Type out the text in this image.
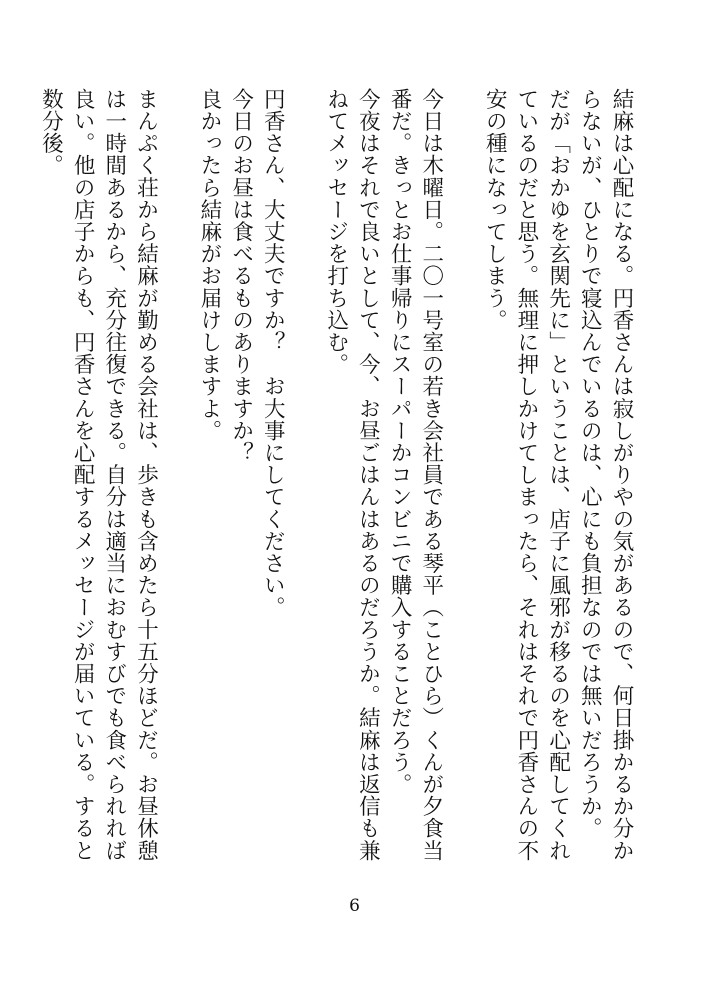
結麻は心配になる。円香さんは寂しがりやの気があるので、何日掛かるか分からないが、ひとりで寝込んでいるのは、心にも負担なのでは無いだろうか。

だが「おかゆを玄関先に」ということは、店子に風邪が移るのを心配してくれているのだと思う。無理に押しかけてしまったら、それはそれで円香さんの不安の種になってしまう。

今日は木曜日。二〇一号室の若き会社員である琴平（ことひら）くんが夕食当番だ。きっとお仕事帰りにスーパーかコンビニで購入することだろう。

今夜はそれで良いとして、今、お昼ごはんはあるのだろうか。結麻は返信も兼ねてメッセージを打ち込む。

円香さん、大丈夫ですか？　お大事にしてください。

今日のお昼は食べるものありますか？

良かったら結麻がお届けしますよ。

まんぷく荘から結麻が勤める会社は、歩きも含めたら十五分ほどだ。お昼休憩は一時間あるから、充分往復できる。自分は適当におむすびでも食べられれば良い。他の店子からも、円香さんを心配するメッセージが届いている。すると数分後。

6
